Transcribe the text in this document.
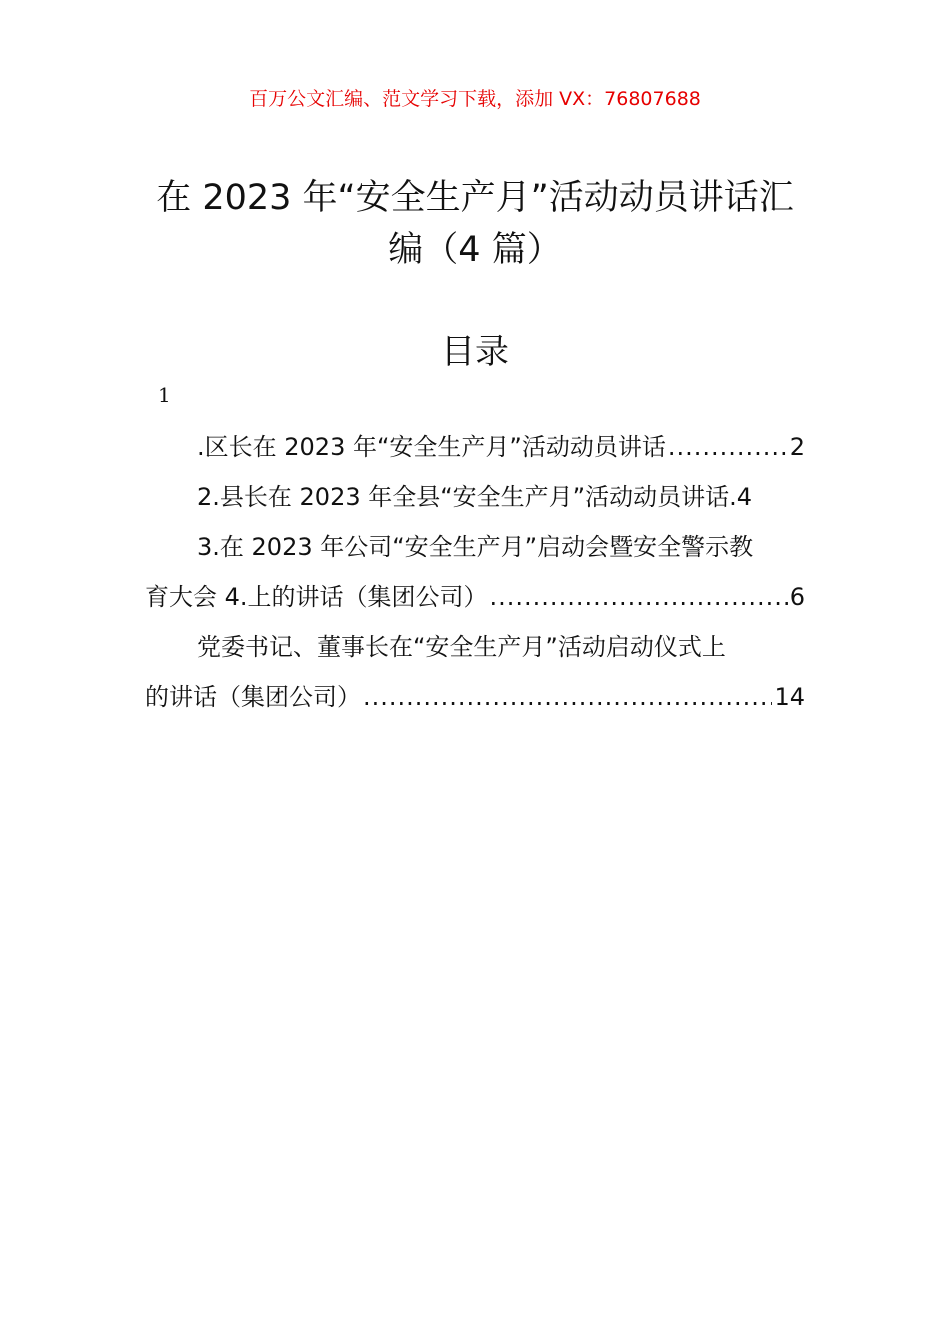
百万公文汇编、范文学习下载，添加 VX：76807688
在 2023 年“安全生产月”活动动员讲话汇
编（4 篇）
目录
1
.区长在 2023 年“安全生产月”活动动员讲话 .....	2
2.县长在 2023 年全县“安全生产月”活动动员讲话 . 4
3.在 2023 年公司“安全生产月”启动会暨安全警示教
育大会 4.上的讲话（集团公司） .....	6
党委书记、董事长在“安全生产月”活动启动仪式上
的讲话（集团公司） .....	14
